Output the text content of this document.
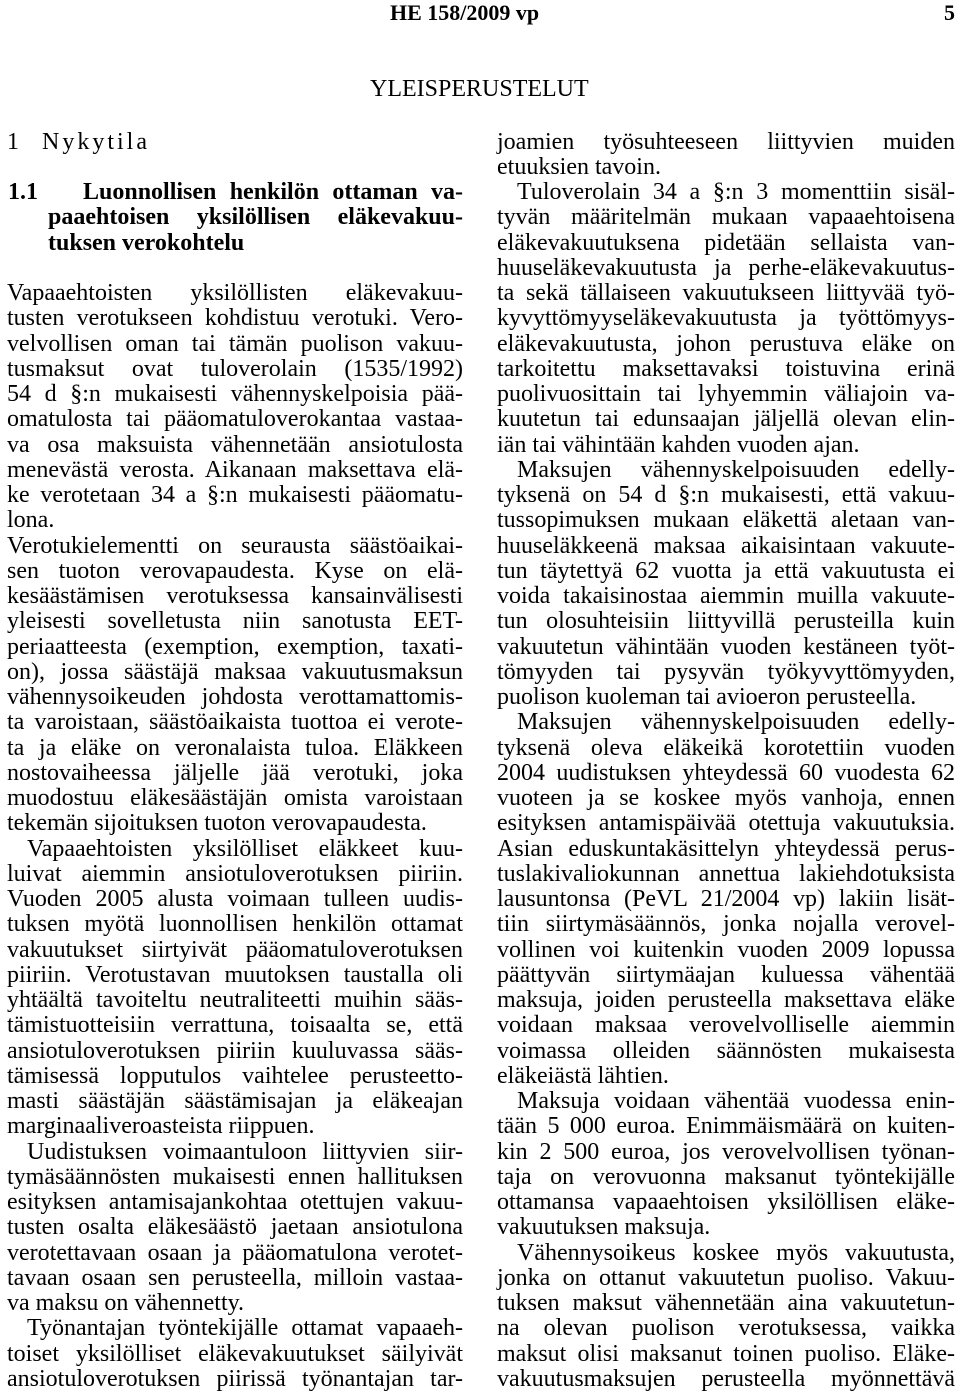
HE 158/2009 vp	5
YLEISPERUSTELUT
1 Nykytila
1.1	Luonnollisen henkilön ottaman va-
paaehtoisen yksilöllisen eläkevakuu-
tuksen verokohtelu
Vapaaehtoisten yksilöllisten eläkevakuu-
tusten verotukseen kohdistuu verotuki. Vero-
velvollisen oman tai tämän puolison vakuu-
tusmaksut ovat tuloverolain (1535/1992)
54 d §:n mukaisesti vähennyskelpoisia pää-
omatulosta tai pääomatuloverokantaa vastaa-
va osa maksuista vähennetään ansiotulosta
menevästä verosta. Aikanaan maksettava elä-
ke verotetaan 34 a §:n mukaisesti pääomatu-
lona.
Verotukielementti on seurausta säästöaikai-
sen tuoton verovapaudesta. Kyse on elä-
kesäästämisen verotuksessa kansainvälisesti
yleisesti sovelletusta niin sanotusta EET-
periaatteesta (exemption, exemption, taxati-
on), jossa säästäjä maksaa vakuutusmaksun
vähennysoikeuden johdosta verottamattomis-
ta varoistaan, säästöaikaista tuottoa ei verote-
ta ja eläke on veronalaista tuloa. Eläkkeen
nostovaiheessa jäljelle jää verotuki, joka
muodostuu eläkesäästäjän omista varoistaan
tekemän sijoituksen tuoton verovapaudesta.
Vapaaehtoisten yksilölliset eläkkeet kuu-
luivat aiemmin ansiotuloverotuksen piiriin.
Vuoden 2005 alusta voimaan tulleen uudis-
tuksen myötä luonnollisen henkilön ottamat
vakuutukset siirtyivät pääomatuloverotuksen
piiriin. Verotustavan muutoksen taustalla oli
yhtäältä tavoiteltu neutraliteetti muihin sääs-
tämistuotteisiin verrattuna, toisaalta se, että
ansiotuloverotuksen piiriin kuuluvassa sääs-
tämisessä lopputulos vaihtelee perusteetto-
masti säästäjän säästämisajan ja eläkeajan
marginaaliveroasteista riippuen.
Uudistuksen voimaantuloon liittyvien siir-
tymäsäännösten mukaisesti ennen hallituksen
esityksen antamisajankohtaa otettujen vakuu-
tusten osalta eläkesäästö jaetaan ansiotulona
verotettavaan osaan ja pääomatulona verotet-
tavaan osaan sen perusteella, milloin vastaa-
va maksu on vähennetty.
Työnantajan työntekijälle ottamat vapaaeh-
toiset yksilölliset eläkevakuutukset säilyivät
ansiotuloverotuksen piirissä työnantajan tar-
joamien työsuhteeseen liittyvien muiden
etuuksien tavoin.
Tuloverolain 34 a §:n 3 momenttiin sisäl-
tyvän määritelmän mukaan vapaaehtoisena
eläkevakuutuksena pidetään sellaista van-
huuseläkevakuutusta ja perhe-eläkevakuutus-
ta sekä tällaiseen vakuutukseen liittyvää työ-
kyvyttömyyseläkevakuutusta ja työttömyys-
eläkevakuutusta, johon perustuva eläke on
tarkoitettu maksettavaksi toistuvina erinä
puolivuosittain tai lyhyemmin väliajoin va-
kuutetun tai edunsaajan jäljellä olevan elin-
iän tai vähintään kahden vuoden ajan.
Maksujen vähennyskelpoisuuden edelly-
tyksenä on 54 d §:n mukaisesti, että vakuu-
tussopimuksen mukaan eläkettä aletaan van-
huuseläkkeenä maksaa aikaisintaan vakuute-
tun täytettyä 62 vuotta ja että vakuutusta ei
voida takaisinostaa aiemmin muilla vakuute-
tun olosuhteisiin liittyvillä perusteilla kuin
vakuutetun vähintään vuoden kestäneen työt-
tömyyden tai pysyvän työkyvyttömyyden,
puolison kuoleman tai avioeron perusteella.
Maksujen vähennyskelpoisuuden edelly-
tyksenä oleva eläkeikä korotettiin vuoden
2004 uudistuksen yhteydessä 60 vuodesta 62
vuoteen ja se koskee myös vanhoja, ennen
esityksen antamispäivää otettuja vakuutuksia.
Asian eduskuntakäsittelyn yhteydessä perus-
tuslakivaliokunnan annettua lakiehdotuksista
lausuntonsa (PeVL 21/2004 vp) lakiin lisät-
tiin siirtymäsäännös, jonka nojalla verovel-
vollinen voi kuitenkin vuoden 2009 lopussa
päättyvän siirtymäajan kuluessa vähentää
maksuja, joiden perusteella maksettava eläke
voidaan maksaa verovelvolliselle aiemmin
voimassa olleiden säännösten mukaisesta
eläkeiästä lähtien.
Maksuja voidaan vähentää vuodessa enin-
tään 5 000 euroa. Enimmäismäärä on kuiten-
kin 2 500 euroa, jos verovelvollisen työnan-
taja on verovuonna maksanut työntekijälle
ottamansa vapaaehtoisen yksilöllisen eläke-
vakuutuksen maksuja.
Vähennysoikeus koskee myös vakuutusta,
jonka on ottanut vakuutetun puoliso. Vakuu-
tuksen maksut vähennetään aina vakuutetun-
na olevan puolison verotuksessa, vaikka
maksut olisi maksanut toinen puoliso. Eläke-
vakuutusmaksujen perusteella myönnettävä
